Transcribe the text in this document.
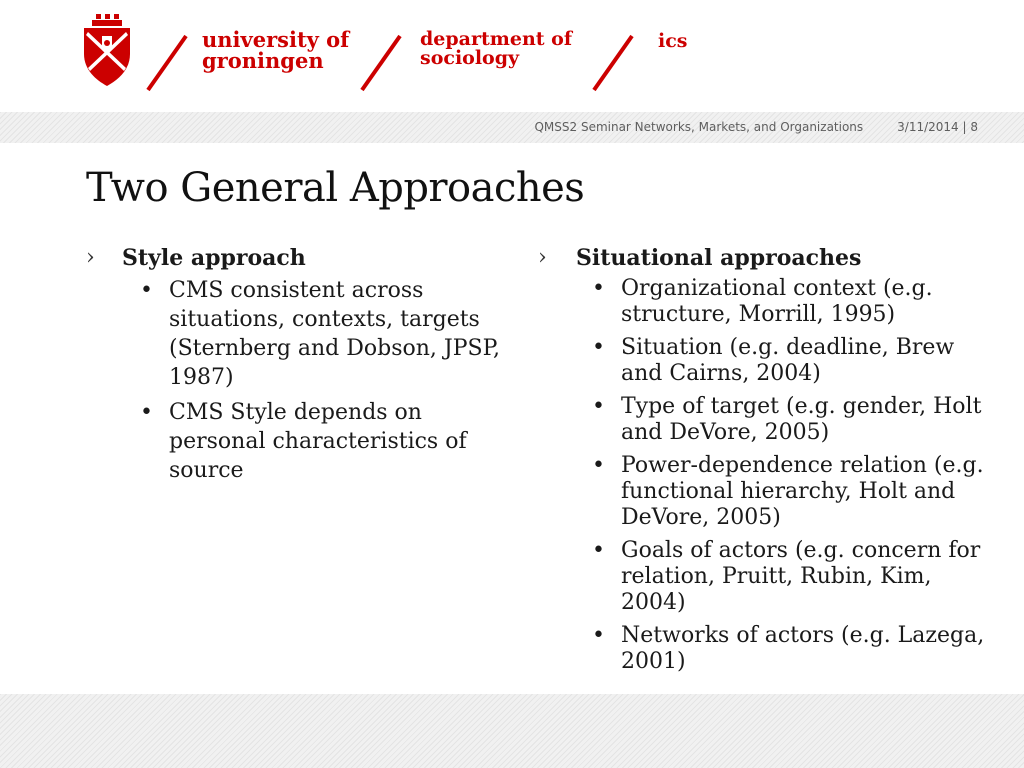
university of
groningen
department of
sociology
ics
QMSS2 Seminar Networks, Markets, and Organizations	3/11/2014 | 8
Two General Approaches
› Style approach
• CMS consistent across situations, contexts, targets (Sternberg and Dobson, JPSP, 1987)
• CMS Style depends on personal characteristics of source
› Situational approaches
• Organizational context (e.g. structure, Morrill, 1995)
• Situation (e.g. deadline, Brew and Cairns, 2004)
• Type of target (e.g. gender, Holt and DeVore, 2005)
• Power-dependence relation (e.g. functional hierarchy, Holt and DeVore, 2005)
• Goals of actors (e.g. concern for relation, Pruitt, Rubin, Kim, 2004)
• Networks of actors (e.g. Lazega, 2001)
